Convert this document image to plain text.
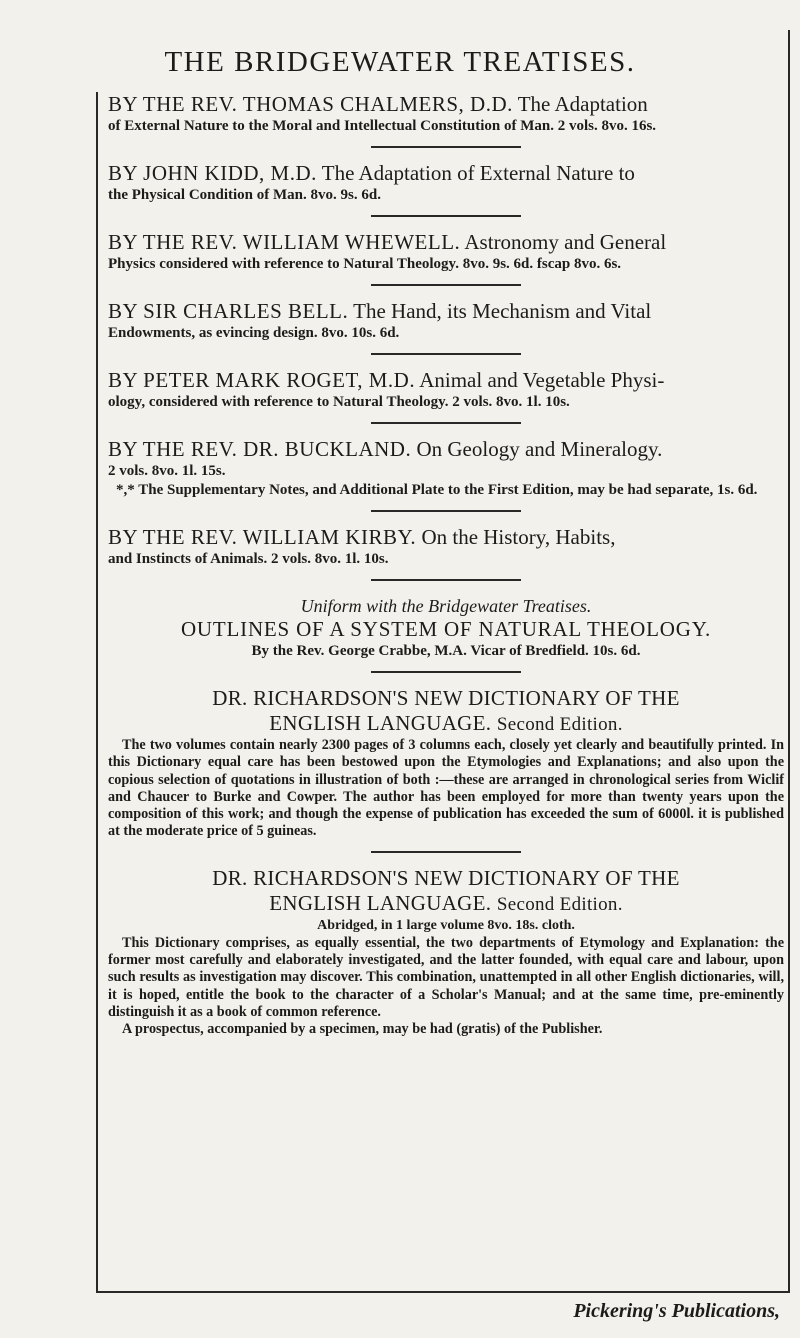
THE BRIDGEWATER TREATISES.
BY THE REV. THOMAS CHALMERS, D.D. The Adaptation
of External Nature to the Moral and Intellectual Constitution of Man. 2 vols. 8vo. 16s.
BY JOHN KIDD, M.D. The Adaptation of External Nature to
the Physical Condition of Man. 8vo. 9s. 6d.
BY THE REV. WILLIAM WHEWELL. Astronomy and General
Physics considered with reference to Natural Theology. 8vo. 9s. 6d. fscap 8vo. 6s.
BY SIR CHARLES BELL. The Hand, its Mechanism and Vital
Endowments, as evincing design. 8vo. 10s. 6d.
BY PETER MARK ROGET, M.D. Animal and Vegetable Physi-
ology, considered with reference to Natural Theology. 2 vols. 8vo. 1l. 10s.
BY THE REV. DR. BUCKLAND. On Geology and Mineralogy.
2 vols. 8vo. 1l. 15s.
*,* The Supplementary Notes, and Additional Plate to the First Edition, may be had separate, 1s. 6d.
BY THE REV. WILLIAM KIRBY. On the History, Habits,
and Instincts of Animals. 2 vols. 8vo. 1l. 10s.
Uniform with the Bridgewater Treatises.
OUTLINES OF A SYSTEM OF NATURAL THEOLOGY.
By the Rev. George Crabbe, M.A. Vicar of Bredfield. 10s. 6d.
DR. RICHARDSON'S NEW DICTIONARY OF THE
ENGLISH LANGUAGE. Second Edition.
The two volumes contain nearly 2300 pages of 3 columns each, closely yet clearly and beautifully printed. In this Dictionary equal care has been bestowed upon the Etymologies and Explanations; and also upon the copious selection of quotations in illustration of both :—these are arranged in chronological series from Wiclif and Chaucer to Burke and Cowper. The author has been employed for more than twenty years upon the composition of this work; and though the expense of publication has exceeded the sum of 6000l. it is published at the moderate price of 5 guineas.
DR. RICHARDSON'S NEW DICTIONARY OF THE
ENGLISH LANGUAGE. Second Edition.
Abridged, in 1 large volume 8vo. 18s. cloth.
This Dictionary comprises, as equally essential, the two departments of Etymology and Explanation: the former most carefully and elaborately investigated, and the latter founded, with equal care and labour, upon such results as investigation may discover. This combination, unattempted in all other English dictionaries, will, it is hoped, entitle the book to the character of a Scholar's Manual; and at the same time, pre-eminently distinguish it as a book of common reference.
A prospectus, accompanied by a specimen, may be had (gratis) of the Publisher.
Pickering's Publications,
